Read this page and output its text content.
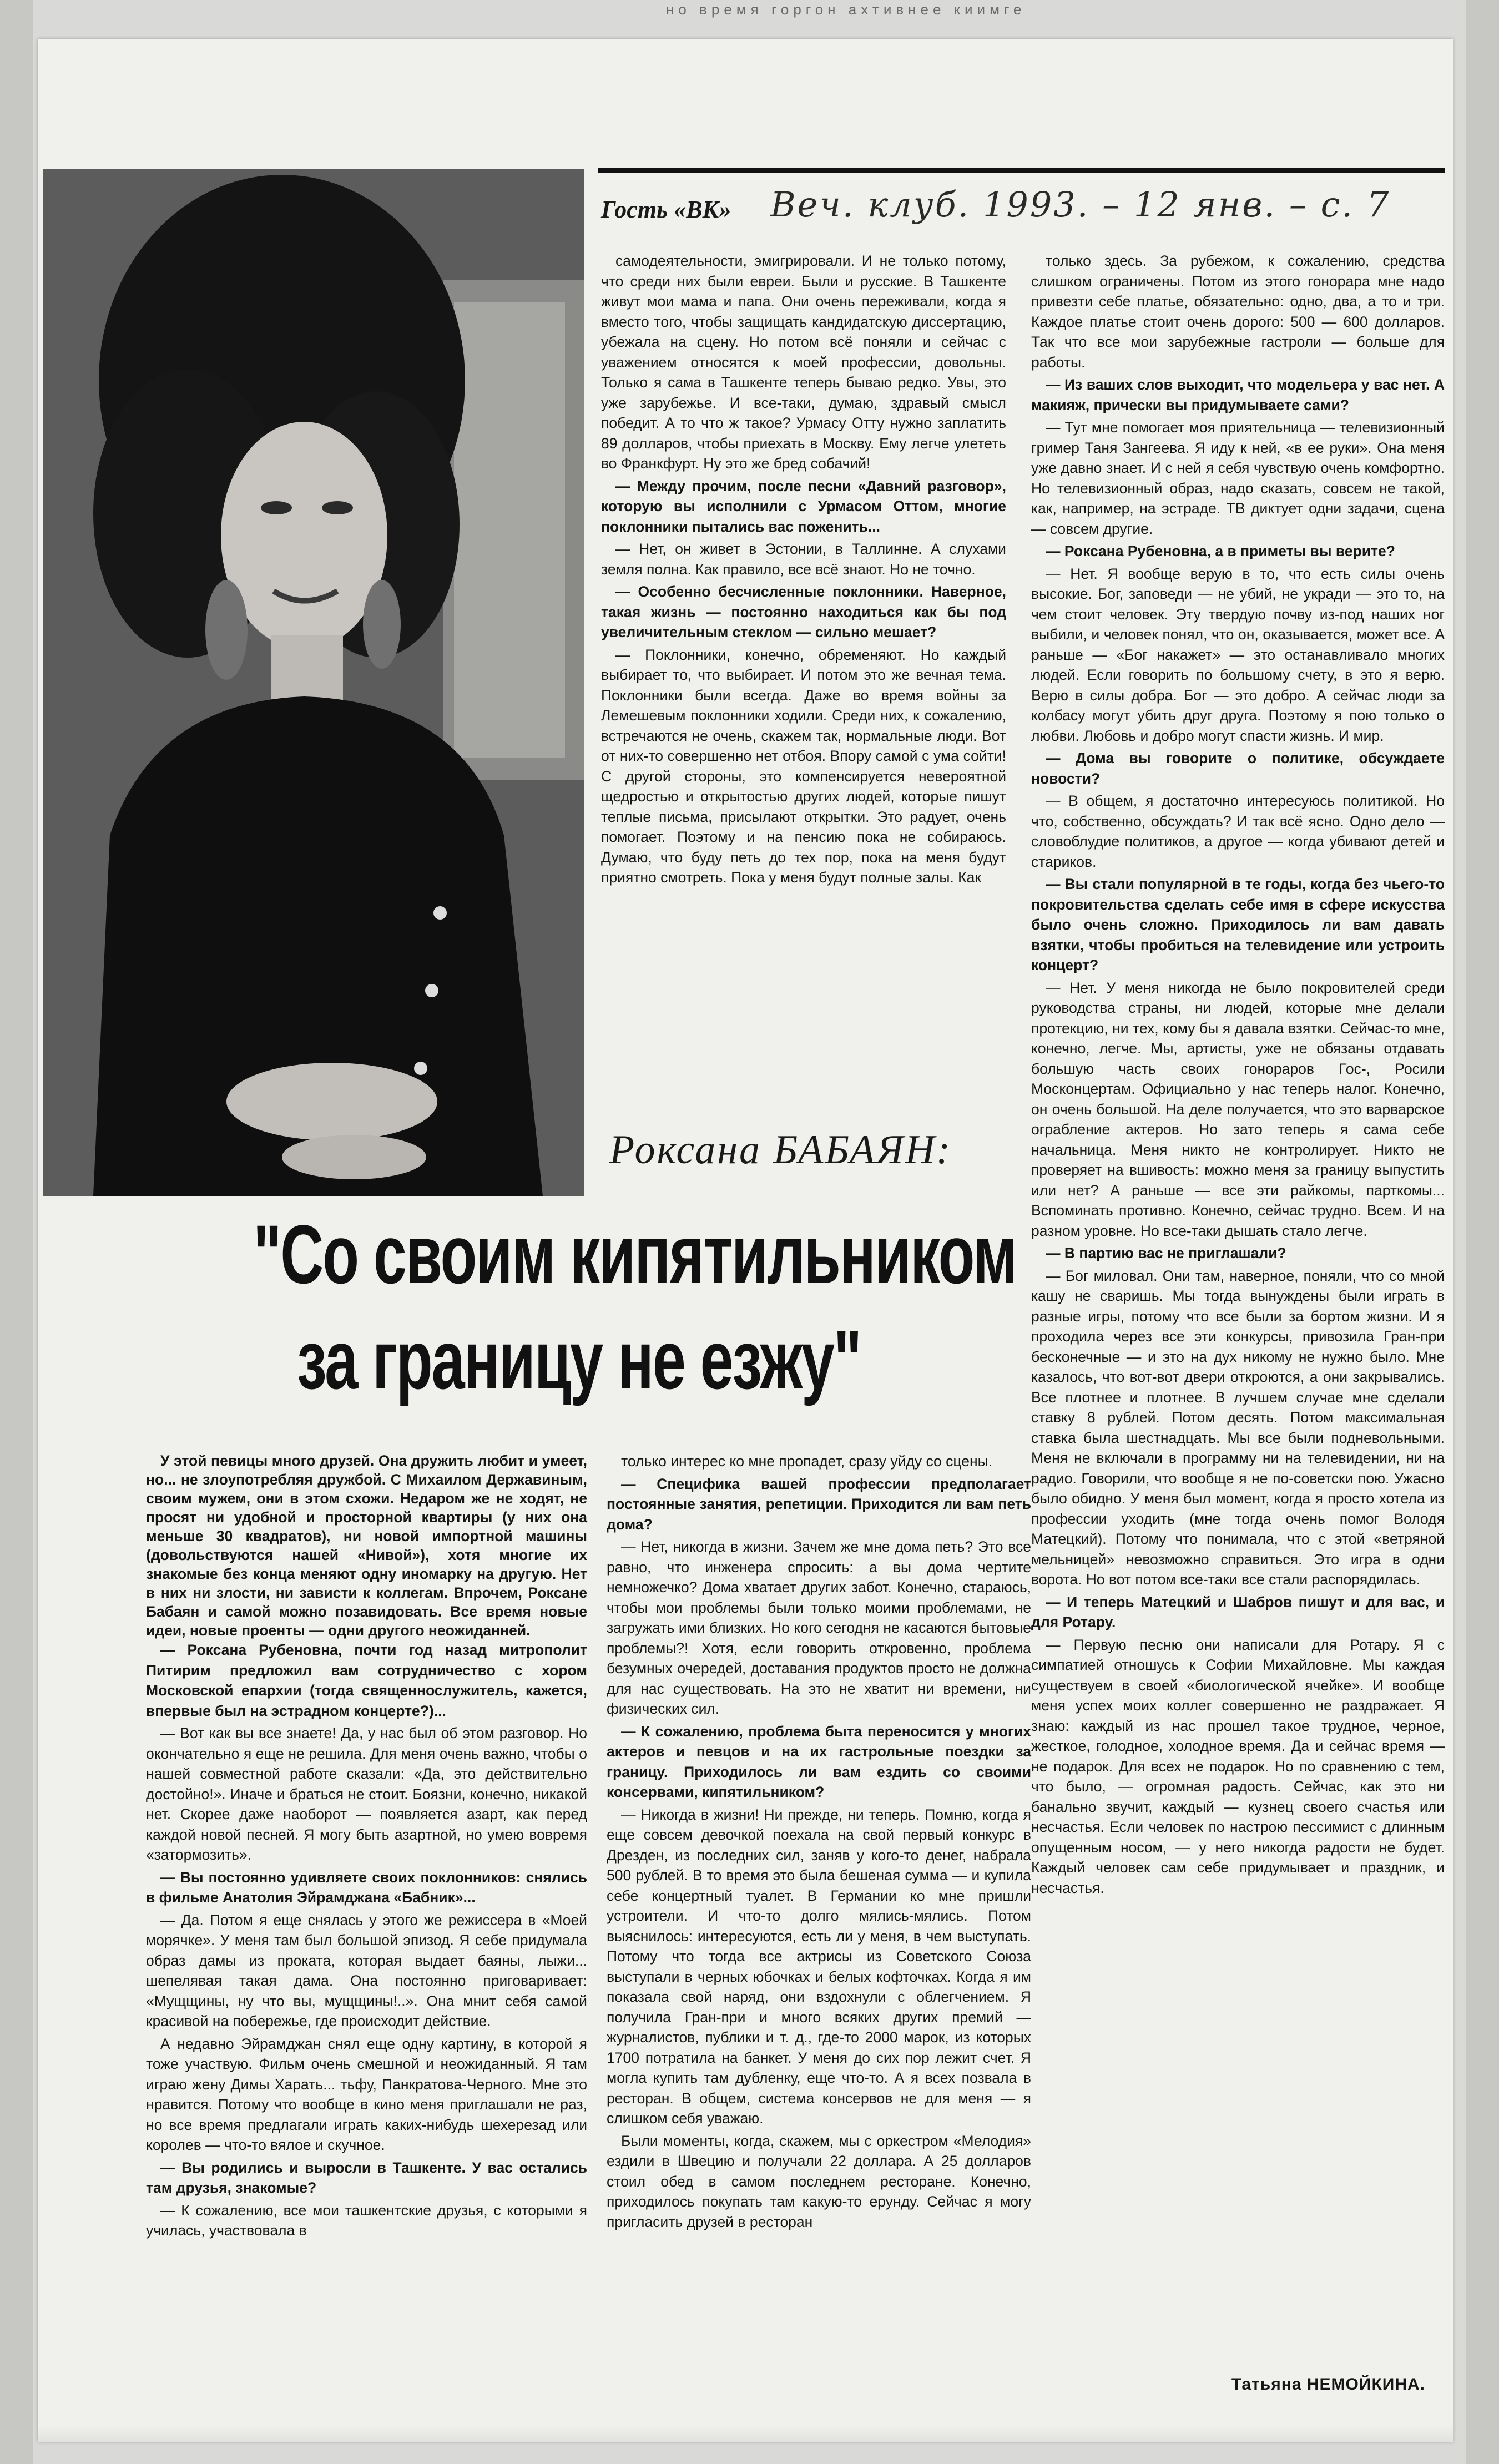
но время горгон ахтивнее киимге
Гость «ВК» Веч. клуб. 1993. – 12 янв. – с. 7

самодеятельности, эмигрировали. И не только потому, что среди них были евреи. Были и русские. В Ташкенте живут мои мама и папа. Они очень переживали, когда я вместо того, чтобы защищать кандидатскую диссертацию, убежала на сцену. Но потом всё поняли и сейчас с уважением относятся к моей профессии, довольны. Только я сама в Ташкенте теперь бываю редко. Увы, это уже зарубежье. И все-таки, думаю, здравый смысл победит. А то что ж такое? Урмасу Отту нужно заплатить 89 долларов, чтобы приехать в Москву. Ему легче улететь во Франкфурт. Ну это же бред собачий!

— Между прочим, после песни «Давний разговор», которую вы исполнили с Урмасом Оттом, многие поклонники пытались вас поженить...

— Нет, он живет в Эстонии, в Таллинне. А слухами земля полна. Как правило, все всё знают. Но не точно.

— Особенно бесчисленные поклонники. Наверное, такая жизнь — постоянно находиться как бы под увеличительным стеклом — сильно мешает?

— Поклонники, конечно, обременяют. Но каждый выбирает то, что выбирает. И потом это же вечная тема. Поклонники были всегда. Даже во время войны за Лемешевым поклонники ходили. Среди них, к сожалению, встречаются не очень, скажем так, нормальные люди. Вот от них-то совершенно нет отбоя. Впору самой с ума сойти! С другой стороны, это компенсируется невероятной щедростью и открытостью других людей, которые пишут теплые письма, присылают открытки. Это радует, очень помогает. Поэтому и на пенсию пока не собираюсь. Думаю, что буду петь до тех пор, пока на меня будут приятно смотреть. Пока у меня будут полные залы. Как

только здесь. За рубежом, к сожалению, средства слишком ограничены. Потом из этого гонорара мне надо привезти себе платье, обязательно: одно, два, а то и три. Каждое платье стоит очень дорого: 500 — 600 долларов. Так что все мои зарубежные гастроли — больше для работы.

— Из ваших слов выходит, что модельера у вас нет. А макияж, прически вы придумываете сами?

— Тут мне помогает моя приятельница — телевизионный гример Таня Зангеева. Я иду к ней, «в ее руки». Она меня уже давно знает. И с ней я себя чувствую очень комфортно. Но телевизионный образ, надо сказать, совсем не такой, как, например, на эстраде. ТВ диктует одни задачи, сцена — совсем другие.

— Роксана Рубеновна, а в приметы вы верите?

— Нет. Я вообще верую в то, что есть силы очень высокие. Бог, заповеди — не убий, не укради — это то, на чем стоит человек. Эту твердую почву из-под наших ног выбили, и человек понял, что он, оказывается, может все. А раньше — «Бог накажет» — это останавливало многих людей. Если говорить по большому счету, в это я верю. Верю в силы добра. Бог — это добро. А сейчас люди за колбасу могут убить друг друга. Поэтому я пою только о любви. Любовь и добро могут спасти жизнь. И мир.

— Дома вы говорите о политике, обсуждаете новости?

— В общем, я достаточно интересуюсь политикой. Но что, собственно, обсуждать? И так всё ясно. Одно дело — словоблудие политиков, а другое — когда убивают детей и стариков.

— Вы стали популярной в те годы, когда без чьего-то покровительства сделать себе имя в сфере искусства было очень сложно. Приходилось ли вам давать взятки, чтобы пробиться на телевидение или устроить концерт?

— Нет. У меня никогда не было покровителей среди руководства страны, ни людей, которые мне делали протекцию, ни тех, кому бы я давала взятки. Сейчас-то мне, конечно, легче. Мы, артисты, уже не обязаны отдавать большую часть своих гонораров Гос-, Росили Москонцертам. Официально у нас теперь налог. Конечно, он очень большой. На деле получается, что это варварское ограбление актеров. Но зато теперь я сама себе начальница. Меня никто не контролирует. Никто не проверяет на вшивость: можно меня за границу выпустить или нет? А раньше — все эти райкомы, парткомы... Вспоминать противно. Конечно, сейчас трудно. Всем. И на разном уровне. Но все-таки дышать стало легче.

— В партию вас не приглашали?

— Бог миловал. Они там, наверное, поняли, что со мной кашу не сваришь. Мы тогда вынуждены были играть в разные игры, потому что все были за бортом жизни. И я проходила через все эти конкурсы, привозила Гран-при бесконечные — и это на дух никому не нужно было. Мне казалось, что вот-вот двери откроются, а они закрывались. Все плотнее и плотнее. В лучшем случае мне сделали ставку 8 рублей. Потом десять. Потом максимальная ставка была шестнадцать. Мы все были подневольными. Меня не включали в программу ни на телевидении, ни на радио. Говорили, что вообще я не по-советски пою. Ужасно было обидно. У меня был момент, когда я просто хотела из профессии уходить (мне тогда очень помог Володя Матецкий). Потому что понимала, что с этой «ветряной мельницей» невозможно справиться. Это игра в одни ворота. Но вот потом все-таки все стали распорядилась.

— И теперь Матецкий и Шабров пишут и для вас, и для Ротару.

— Первую песню они написали для Ротару. Я с симпатией отношусь к Софии Михайловне. Мы каждая существуем в своей «биологической ячейке». И вообще меня успех моих коллег совершенно не раздражает. Я знаю: каждый из нас прошел такое трудное, черное, жесткое, голодное, холодное время. Да и сейчас время — не подарок. Для всех не подарок. Но по сравнению с тем, что было, — огромная радость. Сейчас, как это ни банально звучит, каждый — кузнец своего счастья или несчастья. Если человек по настрою пессимист с длинным опущенным носом, — у него никогда радости не будет. Каждый человек сам себе придумывает и праздник, и несчастья.

Роксана БАБАЯН:
"Со своим кипятильником
за границу не езжу"

У этой певицы много друзей. Она дружить любит и умеет, но... не злоупотребляя дружбой. С Михаилом Державиным, своим мужем, они в этом схожи. Недаром же не ходят, не просят ни удобной и просторной квартиры (у них она меньше 30 квадратов), ни новой импортной машины (довольствуются нашей «Нивой»), хотя многие их знакомые без конца меняют одну иномарку на другую. Нет в них ни злости, ни зависти к коллегам. Впрочем, Роксане Бабаян и самой можно позавидовать. Все время новые идеи, новые проенты — одни другого неожиданней.

— Роксана Рубеновна, почти год назад митрополит Питирим предложил вам сотрудничество с хором Московской епархии (тогда священнослужитель, кажется, впервые был на эстрадном концерте?)...

— Вот как вы все знаете! Да, у нас был об этом разговор. Но окончательно я еще не решила. Для меня очень важно, чтобы о нашей совместной работе сказали: «Да, это действительно достойно!». Иначе и браться не стоит. Боязни, конечно, никакой нет. Скорее даже наоборот — появляется азарт, как перед каждой новой песней. Я могу быть азартной, но умею вовремя «затормозить».

— Вы постоянно удивляете своих поклонников: снялись в фильме Анатолия Эйрамджана «Бабник»...

— Да. Потом я еще снялась у этого же режиссера в «Моей морячке». У меня там был большой эпизод. Я себе придумала образ дамы из проката, которая выдает баяны, лыжи... шепелявая такая дама. Она постоянно приговаривает: «Мущщины, ну что вы, мущщины!..». Она мнит себя самой красивой на побережье, где происходит действие.

А недавно Эйрамджан снял еще одну картину, в которой я тоже участвую. Фильм очень смешной и неожиданный. Я там играю жену Димы Харать... тьфу, Панкратова-Черного. Мне это нравится. Потому что вообще в кино меня приглашали не раз, но все время предлагали играть каких-нибудь шехерезад или королев — что-то вялое и скучное.

— Вы родились и выросли в Ташкенте. У вас остались там друзья, знакомые?

— К сожалению, все мои ташкентские друзья, с которыми я училась, участвовала в

только интерес ко мне пропадет, сразу уйду со сцены.

— Специфика вашей профессии предполагает постоянные занятия, репетиции. Приходится ли вам петь дома?

— Нет, никогда в жизни. Зачем же мне дома петь? Это все равно, что инженера спросить: а вы дома чертите немножечко? Дома хватает других забот. Конечно, стараюсь, чтобы мои проблемы были только моими проблемами, не загружать ими близких. Но кого сегодня не касаются бытовые проблемы?! Хотя, если говорить откровенно, проблема безумных очередей, доставания продуктов просто не должна для нас существовать. На это не хватит ни времени, ни физических сил.

— К сожалению, проблема быта переносится у многих актеров и певцов и на их гастрольные поездки за границу. Приходилось ли вам ездить со своими консервами, кипятильником?

— Никогда в жизни! Ни прежде, ни теперь. Помню, когда я еще совсем девочкой поехала на свой первый конкурс в Дрезден, из последних сил, заняв у кого-то денег, набрала 500 рублей. В то время это была бешеная сумма — и купила себе концертный туалет. В Германии ко мне пришли устроители. И что-то долго мялись-мялись. Потом выяснилось: интересуются, есть ли у меня, в чем выступать. Потому что тогда все актрисы из Советского Союза выступали в черных юбочках и белых кофточках. Когда я им показала свой наряд, они вздохнули с облегчением. Я получила Гран-при и много всяких других премий — журналистов, публики и т. д., где-то 2000 марок, из которых 1700 потратила на банкет. У меня до сих пор лежит счет. Я могла купить там дубленку, еще что-то. А я всех позвала в ресторан. В общем, система консервов не для меня — я слишком себя уважаю.

Были моменты, когда, скажем, мы с оркестром «Мелодия» ездили в Швецию и получали 22 доллара. А 25 долларов стоил обед в самом последнем ресторане. Конечно, приходилось покупать там какую-то ерунду. Сейчас я могу пригласить друзей в ресторан

Татьяна НЕМОЙКИНА.
